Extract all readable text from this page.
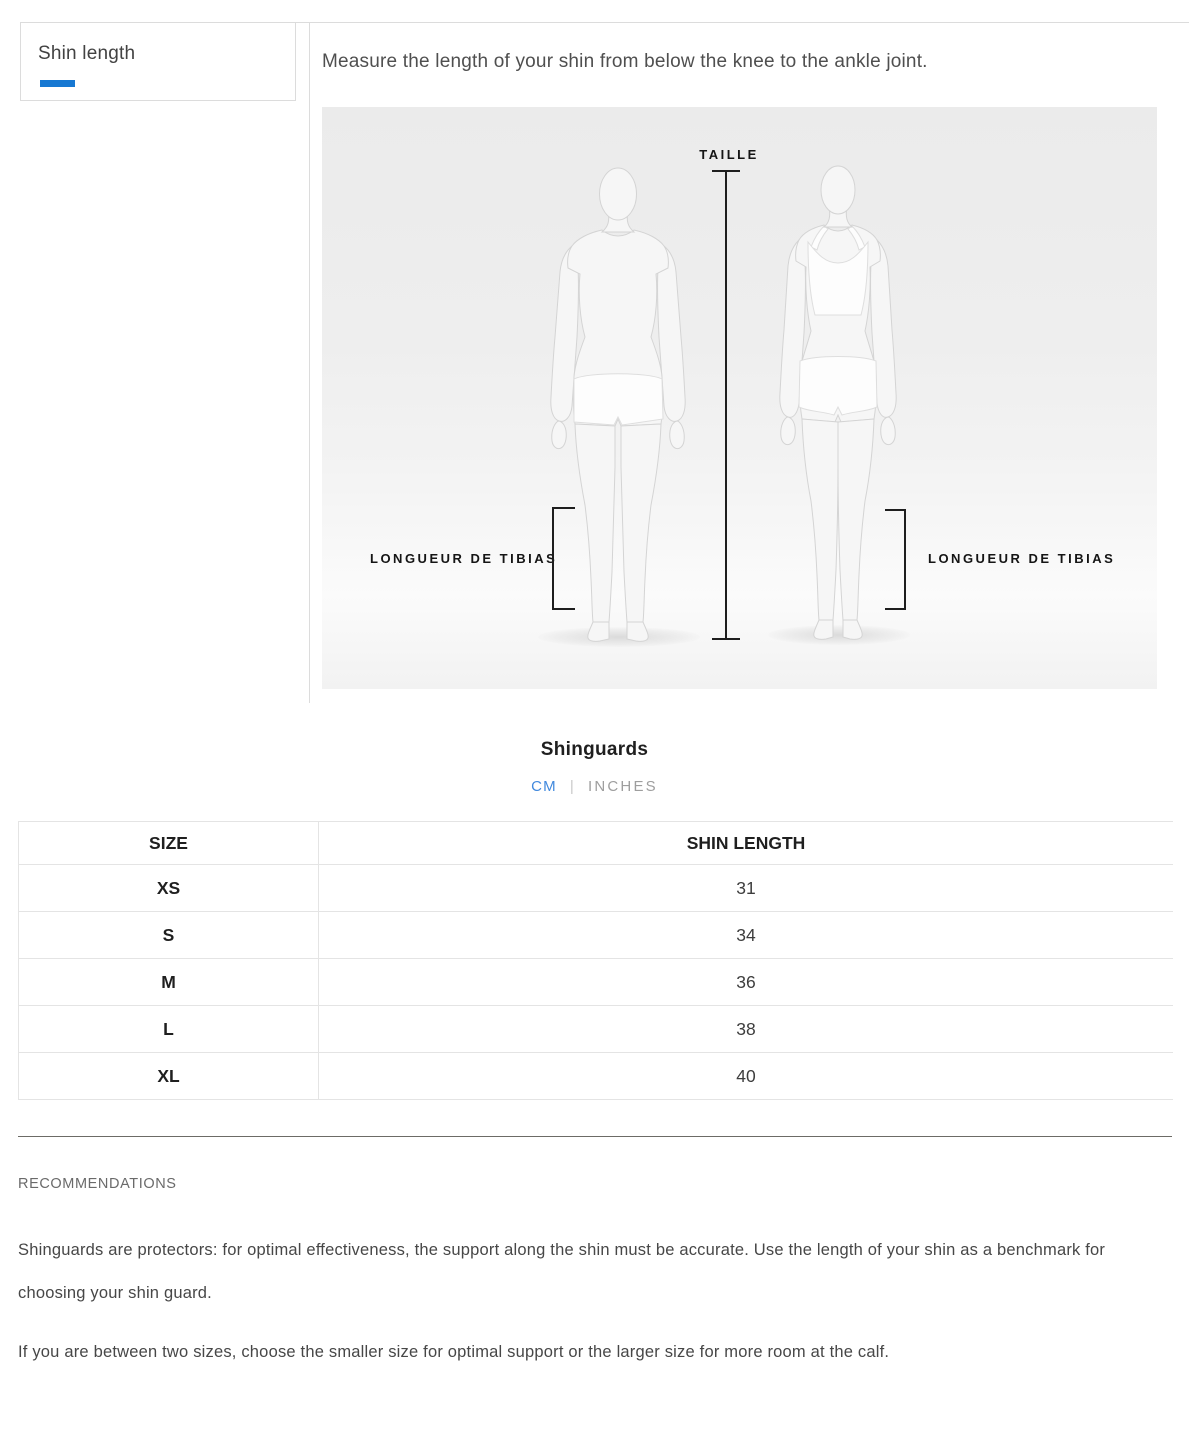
Shin length	Measure the length of your shin from below the knee to the ankle joint.
TAILLE
LONGUEUR DE TIBIAS	LONGUEUR DE TIBIAS
Shinguards
CM | INCHES
SIZE	SHIN LENGTH
XS	31
S	34
M	36
L	38
XL	40
RECOMMENDATIONS

Shinguards are protectors: for optimal effectiveness, the support along the shin must be accurate. Use the length of your shin as a benchmark for choosing your shin guard.

If you are between two sizes, choose the smaller size for optimal support or the larger size for more room at the calf.
